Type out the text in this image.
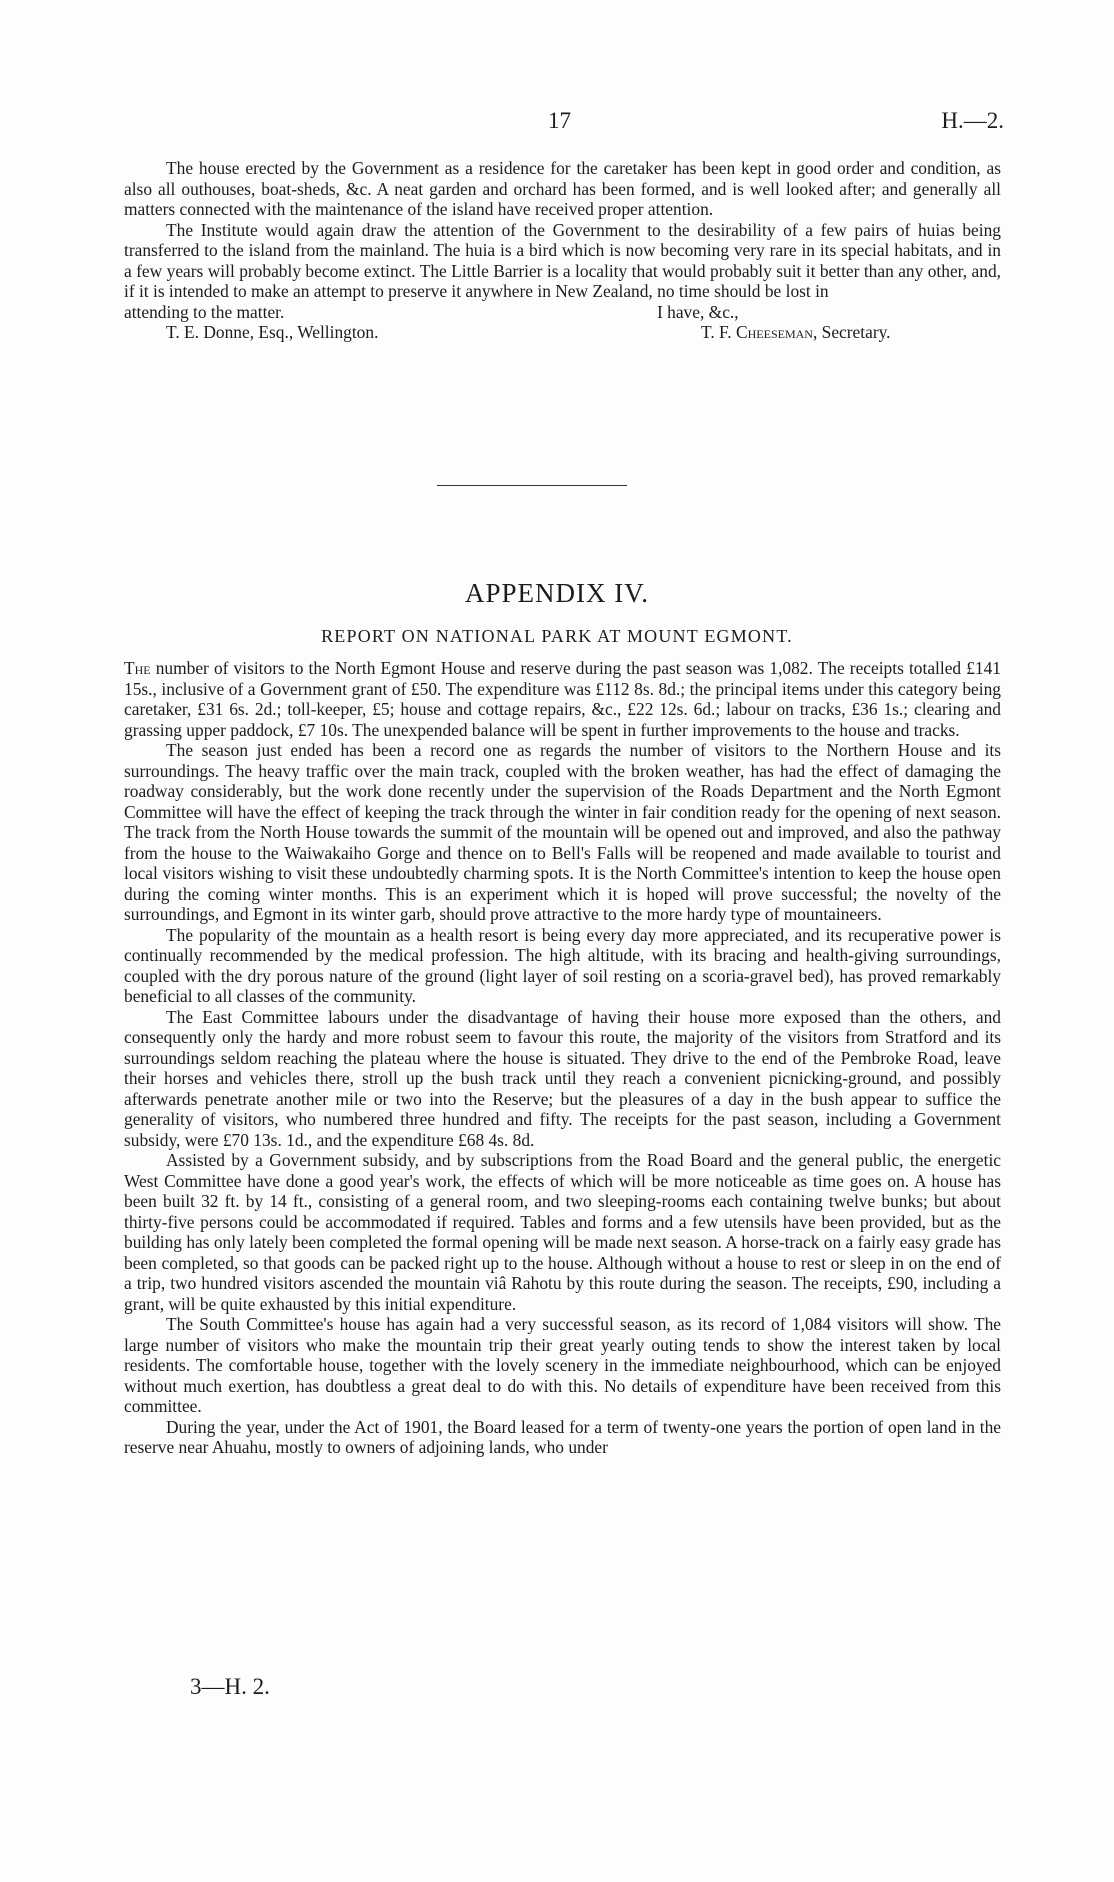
17	H.—2.

The house erected by the Government as a residence for the caretaker has been kept in good order and condition, as also all outhouses, boat-sheds, &c. A neat garden and orchard has been formed, and is well looked after; and generally all matters connected with the maintenance of the island have received proper attention.

The Institute would again draw the attention of the Government to the desirability of a few pairs of huias being transferred to the island from the mainland. The huia is a bird which is now becoming very rare in its special habitats, and in a few years will probably become extinct. The Little Barrier is a locality that would probably suit it better than any other, and, if it is intended to make an attempt to preserve it anywhere in New Zealand, no time should be lost in

attending to the matter.	I have, &c.,
T. E. Donne, Esq., Wellington.	T. F. Cheeseman, Secretary.
APPENDIX IV.
REPORT ON NATIONAL PARK AT MOUNT EGMONT.

The number of visitors to the North Egmont House and reserve during the past season was 1,082. The receipts totalled £141 15s., inclusive of a Government grant of £50. The expenditure was £112 8s. 8d.; the principal items under this category being caretaker, £31 6s. 2d.; toll-keeper, £5; house and cottage repairs, &c., £22 12s. 6d.; labour on tracks, £36 1s.; clearing and grassing upper paddock, £7 10s. The unexpended balance will be spent in further improvements to the house and tracks.

The season just ended has been a record one as regards the number of visitors to the Northern House and its surroundings. The heavy traffic over the main track, coupled with the broken weather, has had the effect of damaging the roadway considerably, but the work done recently under the supervision of the Roads Department and the North Egmont Committee will have the effect of keeping the track through the winter in fair condition ready for the opening of next season. The track from the North House towards the summit of the mountain will be opened out and improved, and also the pathway from the house to the Waiwakaiho Gorge and thence on to Bell's Falls will be reopened and made available to tourist and local visitors wishing to visit these undoubtedly charming spots. It is the North Committee's intention to keep the house open during the coming winter months. This is an experiment which it is hoped will prove successful; the novelty of the surroundings, and Egmont in its winter garb, should prove attractive to the more hardy type of mountaineers.

The popularity of the mountain as a health resort is being every day more appreciated, and its recuperative power is continually recommended by the medical profession. The high altitude, with its bracing and health-giving surroundings, coupled with the dry porous nature of the ground (light layer of soil resting on a scoria-gravel bed), has proved remarkably beneficial to all classes of the community.

The East Committee labours under the disadvantage of having their house more exposed than the others, and consequently only the hardy and more robust seem to favour this route, the majority of the visitors from Stratford and its surroundings seldom reaching the plateau where the house is situated. They drive to the end of the Pembroke Road, leave their horses and vehicles there, stroll up the bush track until they reach a convenient picnicking-ground, and possibly afterwards penetrate another mile or two into the Reserve; but the pleasures of a day in the bush appear to suffice the generality of visitors, who numbered three hundred and fifty. The receipts for the past season, including a Government subsidy, were £70 13s. 1d., and the expenditure £68 4s. 8d.

Assisted by a Government subsidy, and by subscriptions from the Road Board and the general public, the energetic West Committee have done a good year's work, the effects of which will be more noticeable as time goes on. A house has been built 32 ft. by 14 ft., consisting of a general room, and two sleeping-rooms each containing twelve bunks; but about thirty-five persons could be accommodated if required. Tables and forms and a few utensils have been provided, but as the building has only lately been completed the formal opening will be made next season. A horse-track on a fairly easy grade has been completed, so that goods can be packed right up to the house. Although without a house to rest or sleep in on the end of a trip, two hundred visitors ascended the mountain viâ Rahotu by this route during the season. The receipts, £90, including a grant, will be quite exhausted by this initial expenditure.

The South Committee's house has again had a very successful season, as its record of 1,084 visitors will show. The large number of visitors who make the mountain trip their great yearly outing tends to show the interest taken by local residents. The comfortable house, together with the lovely scenery in the immediate neighbourhood, which can be enjoyed without much exertion, has doubtless a great deal to do with this. No details of expenditure have been received from this committee.

During the year, under the Act of 1901, the Board leased for a term of twenty-one years the portion of open land in the reserve near Ahuahu, mostly to owners of adjoining lands, who under

3—H. 2.
